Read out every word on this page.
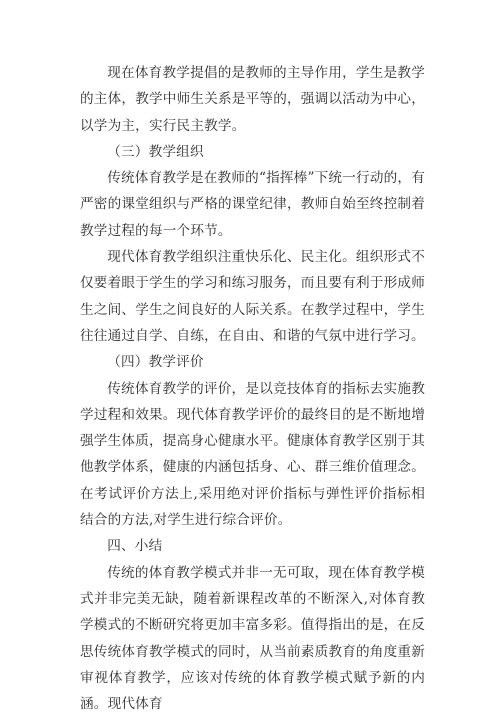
现在体育教学提倡的是教师的主导作用，学生是教学的主体，教学中师生关系是平等的，强调以活动为中心，以学为主，实行民主教学。

（三）教学组织

传统体育教学是在教师的“指挥棒”下统一行动的，有严密的课堂组织与严格的课堂纪律，教师自始至终控制着教学过程的每一个环节。

现代体育教学组织注重快乐化、民主化。组织形式不仅要着眼于学生的学习和练习服务，而且要有利于形成师生之间、学生之间良好的人际关系。在教学过程中，学生往往通过自学、自练，在自由、和谐的气氛中进行学习。

（四）教学评价

传统体育教学的评价，是以竞技体育的指标去实施教学过程和效果。现代体育教学评价的最终目的是不断地增强学生体质，提高身心健康水平。健康体育教学区别于其他教学体系，健康的内涵包括身、心、群三维价值理念。在考试评价方法上,采用绝对评价指标与弹性评价指标相结合的方法,对学生进行综合评价。

四、小结

传统的体育教学模式并非一无可取，现在体育教学模式并非完美无缺，随着新课程改革的不断深入,对体育教学模式的不断研究将更加丰富多彩。值得指出的是，在反思传统体育教学模式的同时，从当前素质教育的角度重新审视体育教学，应该对传统的体育教学模式赋予新的内涵。现代体育
